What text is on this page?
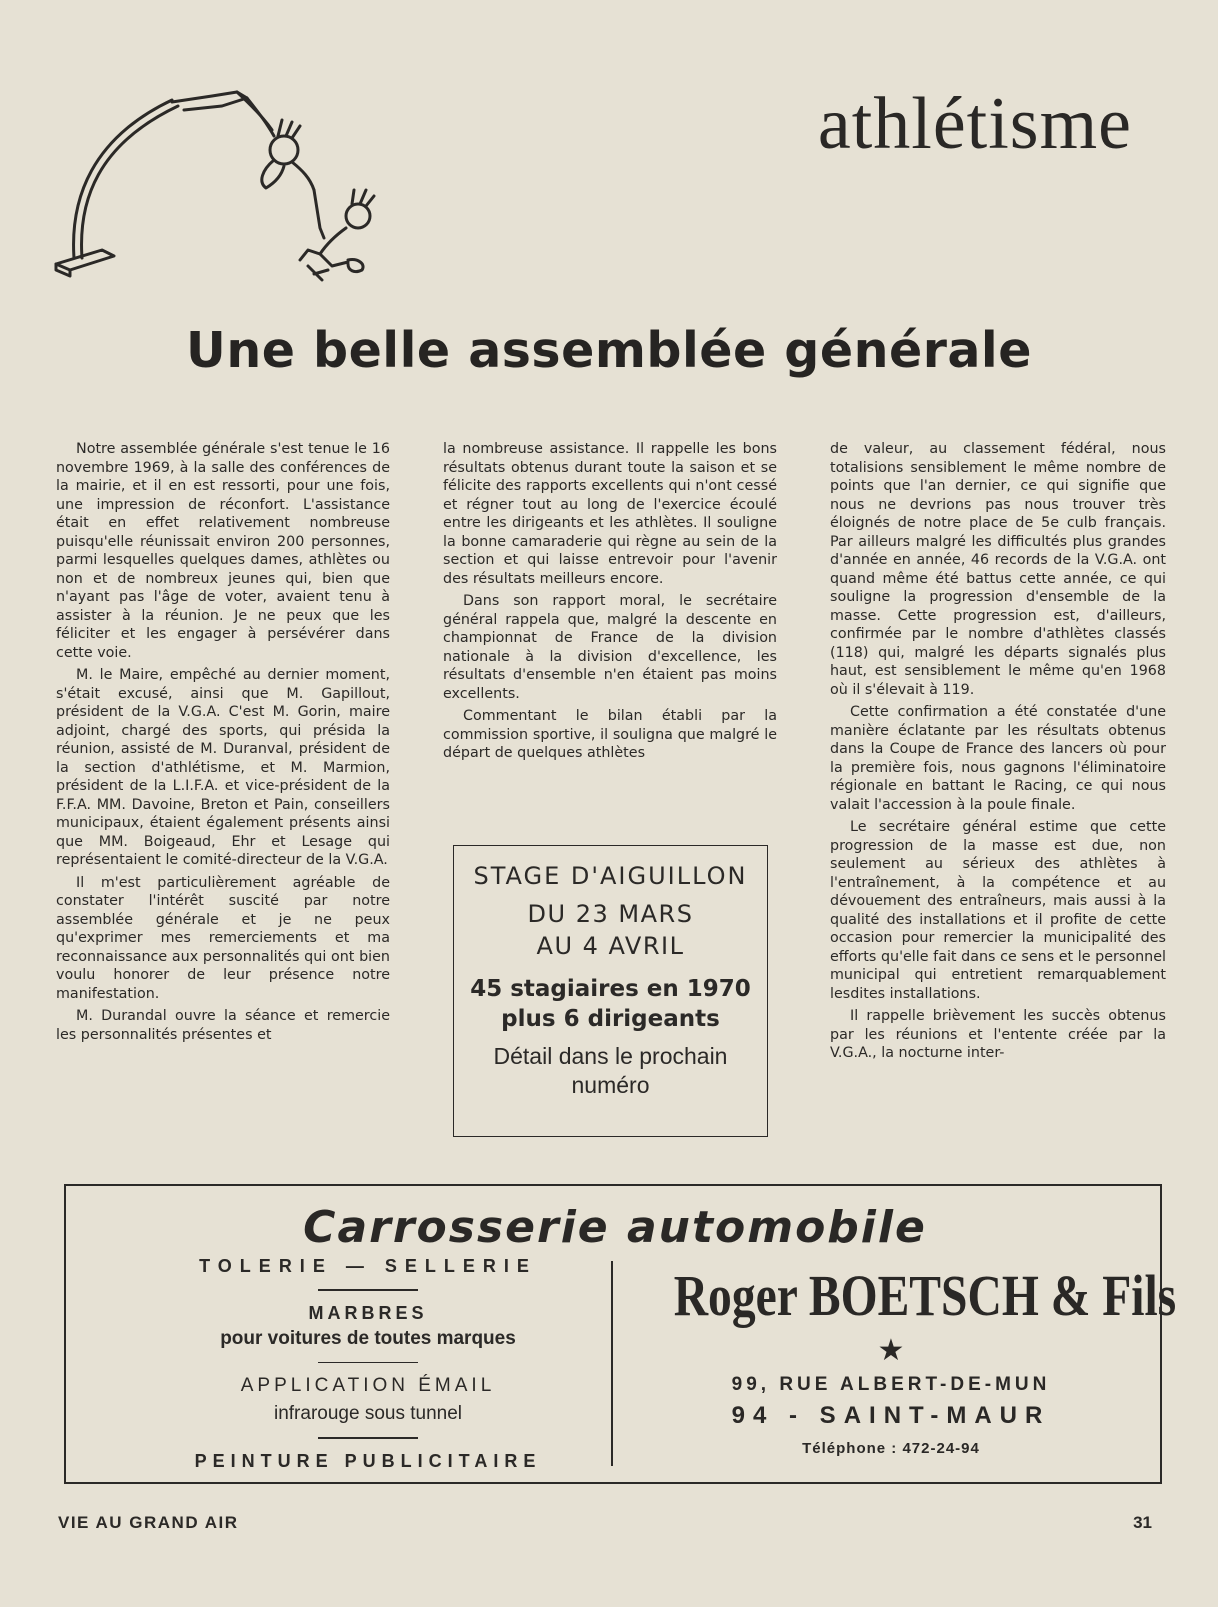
athlétisme
Une belle assemblée générale

Notre assemblée générale s'est tenue le 16 novembre 1969, à la salle des conférences de la mairie, et il en est ressorti, pour une fois, une impression de réconfort. L'assistance était en effet relativement nombreuse puisqu'elle réunissait environ 200 personnes, parmi lesquelles quelques dames, athlètes ou non et de nombreux jeunes qui, bien que n'ayant pas l'âge de voter, avaient tenu à assister à la réunion. Je ne peux que les féliciter et les engager à persévérer dans cette voie.

M. le Maire, empêché au dernier moment, s'était excusé, ainsi que M. Gapillout, président de la V.G.A. C'est M. Gorin, maire adjoint, chargé des sports, qui présida la réunion, assisté de M. Duranval, président de la section d'athlétisme, et M. Marmion, président de la L.I.F.A. et vice-président de la F.F.A. MM. Davoine, Breton et Pain, conseillers municipaux, étaient également présents ainsi que MM. Boigeaud, Ehr et Lesage qui représentaient le comité-directeur de la V.G.A.

Il m'est particulièrement agréable de constater l'intérêt suscité par notre assemblée générale et je ne peux qu'exprimer mes remerciements et ma reconnaissance aux personnalités qui ont bien voulu honorer de leur présence notre manifestation.

M. Durandal ouvre la séance et remercie les personnalités présentes et

la nombreuse assistance. Il rappelle les bons résultats obtenus durant toute la saison et se félicite des rapports excellents qui n'ont cessé et régner tout au long de l'exercice écoulé entre les dirigeants et les athlètes. Il souligne la bonne camaraderie qui règne au sein de la section et qui laisse entrevoir pour l'avenir des résultats meilleurs encore.

Dans son rapport moral, le secrétaire général rappela que, malgré la descente en championnat de France de la division nationale à la division d'excellence, les résultats d'ensemble n'en étaient pas moins excellents.

Commentant le bilan établi par la commission sportive, il souligna que malgré le départ de quelques athlètes

STAGE D'AIGUILLON
DU 23 MARS
AU 4 AVRIL
45 stagiaires en 1970
plus 6 dirigeants
Détail dans le prochain numéro

de valeur, au classement fédéral, nous totalisions sensiblement le même nombre de points que l'an dernier, ce qui signifie que nous ne devrions pas nous trouver très éloignés de notre place de 5e culb français. Par ailleurs malgré les difficultés plus grandes d'année en année, 46 records de la V.G.A. ont quand même été battus cette année, ce qui souligne la progression d'ensemble de la masse. Cette progression est, d'ailleurs, confirmée par le nombre d'athlètes classés (118) qui, malgré les départs signalés plus haut, est sensiblement le même qu'en 1968 où il s'élevait à 119.

Cette confirmation a été constatée d'une manière éclatante par les résultats obtenus dans la Coupe de France des lancers où pour la première fois, nous gagnons l'éliminatoire régionale en battant le Racing, ce qui nous valait l'accession à la poule finale.

Le secrétaire général estime que cette progression de la masse est due, non seulement au sérieux des athlètes à l'entraînement, à la compétence et au dévouement des entraîneurs, mais aussi à la qualité des installations et il profite de cette occasion pour remercier la municipalité des efforts qu'elle fait dans ce sens et le personnel municipal qui entretient remarquablement lesdites installations.

Il rappelle brièvement les succès obtenus par les réunions et l'entente créée par la V.G.A., la nocturne inter-

Carrosserie automobile
TOLERIE — SELLERIE
MARBRES
pour voitures de toutes marques
APPLICATION ÉMAIL
infrarouge sous tunnel
PEINTURE PUBLICITAIRE
Roger BOETSCH & Fils
★
99, RUE ALBERT-DE-MUN
94 - SAINT-MAUR
Téléphone : 472-24-94
VIE AU GRAND AIR	31
